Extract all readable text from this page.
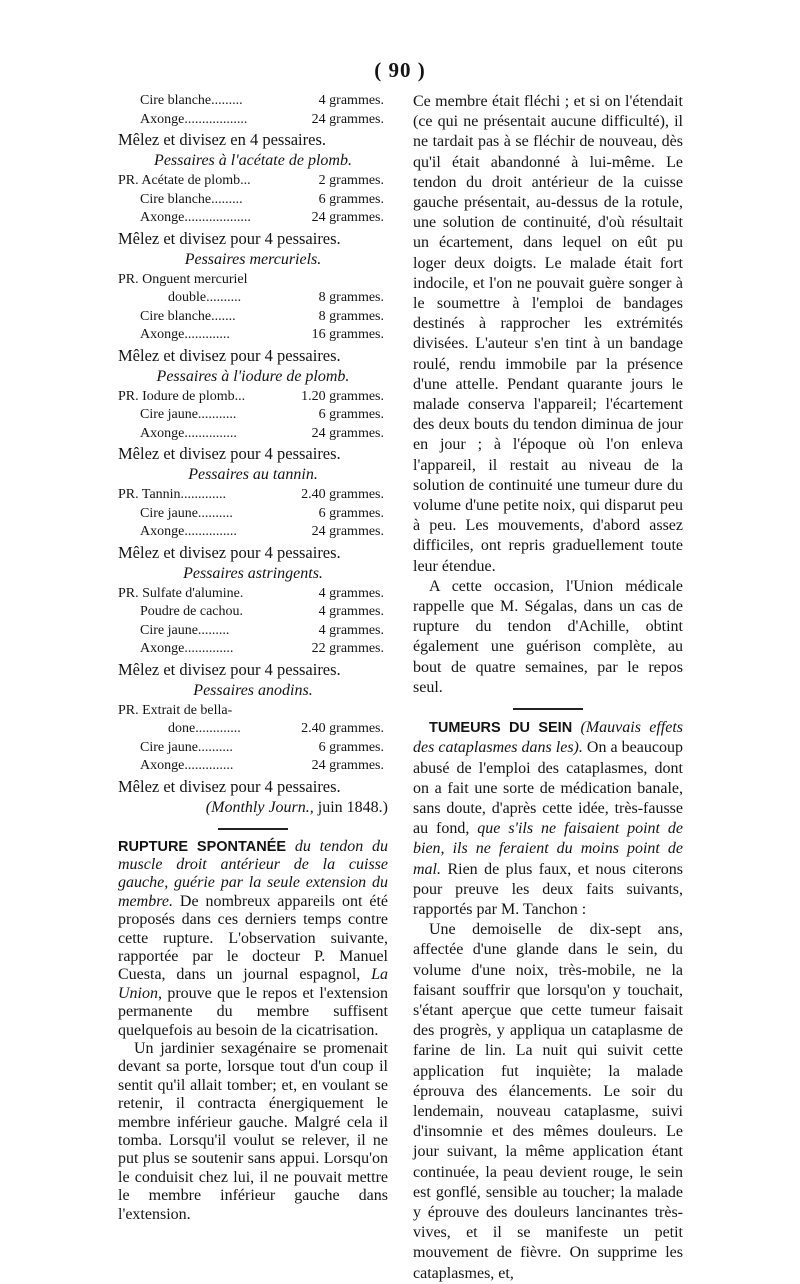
( 90 )
Cire blanche.........	4 grammes.
Axonge..................	24 grammes.
Mêlez et divisez en 4 pessaires.
Pessaires à l'acétate de plomb.
PR. Acétate de plomb...	2 grammes.
Cire blanche.........	6 grammes.
Axonge...................	24 grammes.
Mêlez et divisez pour 4 pessaires.
Pessaires mercuriels.
PR. Onguent mercuriel
double..........	8 grammes.
Cire blanche.......	8 grammes.
Axonge.............	16 grammes.
Mêlez et divisez pour 4 pessaires.
Pessaires à l'iodure de plomb.
PR. Iodure de plomb...	1.20 grammes.
Cire jaune...........	6 grammes.
Axonge...............	24 grammes.
Mêlez et divisez pour 4 pessaires.
Pessaires au tannin.
PR. Tannin.............	2.40 grammes.
Cire jaune..........	6 grammes.
Axonge...............	24 grammes.
Mêlez et divisez pour 4 pessaires.
Pessaires astringents.
PR. Sulfate d'alumine.	4 grammes.
Poudre de cachou.	4 grammes.
Cire jaune.........	4 grammes.
Axonge..............	22 grammes.
Mêlez et divisez pour 4 pessaires.
Pessaires anodins.
PR. Extrait de bella-
done.............	2.40 grammes.
Cire jaune..........	6 grammes.
Axonge..............	24 grammes.
Mêlez et divisez pour 4 pessaires.
(Monthly Journ., juin 1848.)

RUPTURE SPONTANÉE du tendon du muscle droit antérieur de la cuisse gauche, guérie par la seule extension du membre. De nombreux appareils ont été proposés dans ces derniers temps contre cette rupture. L'observation suivante, rapportée par le docteur P. Manuel Cuesta, dans un journal espagnol, La Union, prouve que le repos et l'extension permanente du membre suffisent quelquefois au besoin de la cicatrisation.

Un jardinier sexagénaire se promenait devant sa porte, lorsque tout d'un coup il sentit qu'il allait tomber; et, en voulant se retenir, il contracta énergiquement le membre inférieur gauche. Malgré cela il tomba. Lorsqu'il voulut se relever, il ne put plus se soutenir sans appui. Lorsqu'on le conduisit chez lui, il ne pouvait mettre le membre inférieur gauche dans l'extension.

Ce membre était fléchi ; et si on l'étendait (ce qui ne présentait aucune difficulté), il ne tardait pas à se fléchir de nouveau, dès qu'il était abandonné à lui-même. Le tendon du droit antérieur de la cuisse gauche présentait, au-dessus de la rotule, une solution de continuité, d'où résultait un écartement, dans lequel on eût pu loger deux doigts. Le malade était fort indocile, et l'on ne pouvait guère songer à le soumettre à l'emploi de bandages destinés à rapprocher les extrémités divisées. L'auteur s'en tint à un bandage roulé, rendu immobile par la présence d'une attelle. Pendant quarante jours le malade conserva l'appareil; l'écartement des deux bouts du tendon diminua de jour en jour ; à l'époque où l'on enleva l'appareil, il restait au niveau de la solution de continuité une tumeur dure du volume d'une petite noix, qui disparut peu à peu. Les mouvements, d'abord assez difficiles, ont repris graduellement toute leur étendue.

A cette occasion, l'Union médicale rappelle que M. Ségalas, dans un cas de rupture du tendon d'Achille, obtint également une guérison complète, au bout de quatre semaines, par le repos seul.

TUMEURS DU SEIN (Mauvais effets des cataplasmes dans les). On a beaucoup abusé de l'emploi des cataplasmes, dont on a fait une sorte de médication banale, sans doute, d'après cette idée, très-fausse au fond, que s'ils ne faisaient point de bien, ils ne feraient du moins point de mal. Rien de plus faux, et nous citerons pour preuve les deux faits suivants, rapportés par M. Tanchon :

Une demoiselle de dix-sept ans, affectée d'une glande dans le sein, du volume d'une noix, très-mobile, ne la faisant souffrir que lorsqu'on y touchait, s'étant aperçue que cette tumeur faisait des progrès, y appliqua un cataplasme de farine de lin. La nuit qui suivit cette application fut inquiète; la malade éprouva des élancements. Le soir du lendemain, nouveau cataplasme, suivi d'insomnie et des mêmes douleurs. Le jour suivant, la même application étant continuée, la peau devient rouge, le sein est gonflé, sensible au toucher; la malade y éprouve des douleurs lancinantes très-vives, et il se manifeste un petit mouvement de fièvre. On supprime les cataplasmes, et,
